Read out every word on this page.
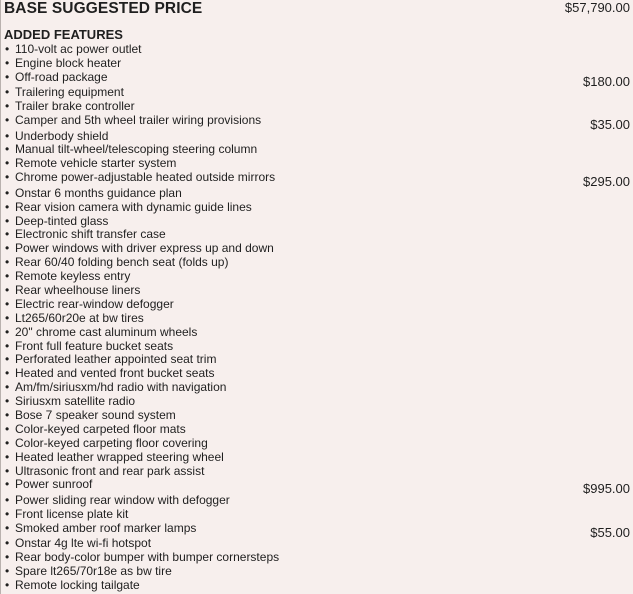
BASE SUGGESTED PRICE	$57,790.00
ADDED FEATURES
• 110-volt ac power outlet
• Engine block heater
• Off-road package	$180.00
• Trailering equipment
• Trailer brake controller
• Camper and 5th wheel trailer wiring provisions	$35.00
• Underbody shield
• Manual tilt-wheel/telescoping steering column
• Remote vehicle starter system
• Chrome power-adjustable heated outside mirrors	$295.00
• Onstar 6 months guidance plan
• Rear vision camera with dynamic guide lines
• Deep-tinted glass
• Electronic shift transfer case
• Power windows with driver express up and down
• Rear 60/40 folding bench seat (folds up)
• Remote keyless entry
• Rear wheelhouse liners
• Electric rear-window defogger
• Lt265/60r20e at bw tires
• 20" chrome cast aluminum wheels
• Front full feature bucket seats
• Perforated leather appointed seat trim
• Heated and vented front bucket seats
• Am/fm/siriusxm/hd radio with navigation
• Siriusxm satellite radio
• Bose 7 speaker sound system
• Color-keyed carpeted floor mats
• Color-keyed carpeting floor covering
• Heated leather wrapped steering wheel
• Ultrasonic front and rear park assist
• Power sunroof	$995.00
• Power sliding rear window with defogger
• Front license plate kit
• Smoked amber roof marker lamps	$55.00
• Onstar 4g lte wi-fi hotspot
• Rear body-color bumper with bumper cornersteps
• Spare lt265/70r18e as bw tire
• Remote locking tailgate
